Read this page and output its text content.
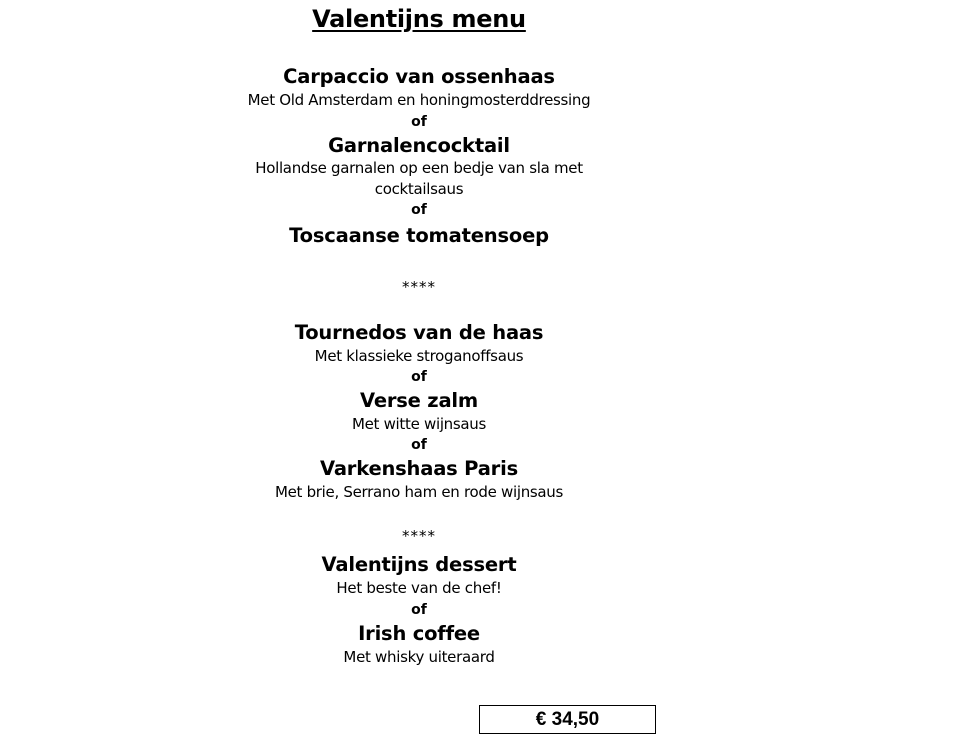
Valentijns menu
Carpaccio van ossenhaas
Met Old Amsterdam en honingmosterddressing
of
Garnalencocktail
Hollandse garnalen op een bedje van sla met cocktailsaus
of
Toscaanse tomatensoep
****
Tournedos van de haas
Met klassieke stroganoffsaus
of
Verse zalm
Met witte wijnsaus
of
Varkenshaas Paris
Met brie, Serrano ham en rode wijnsaus
****
Valentijns dessert
Het beste van de chef!
of
Irish coffee
Met whisky uiteraard
€ 34,50
